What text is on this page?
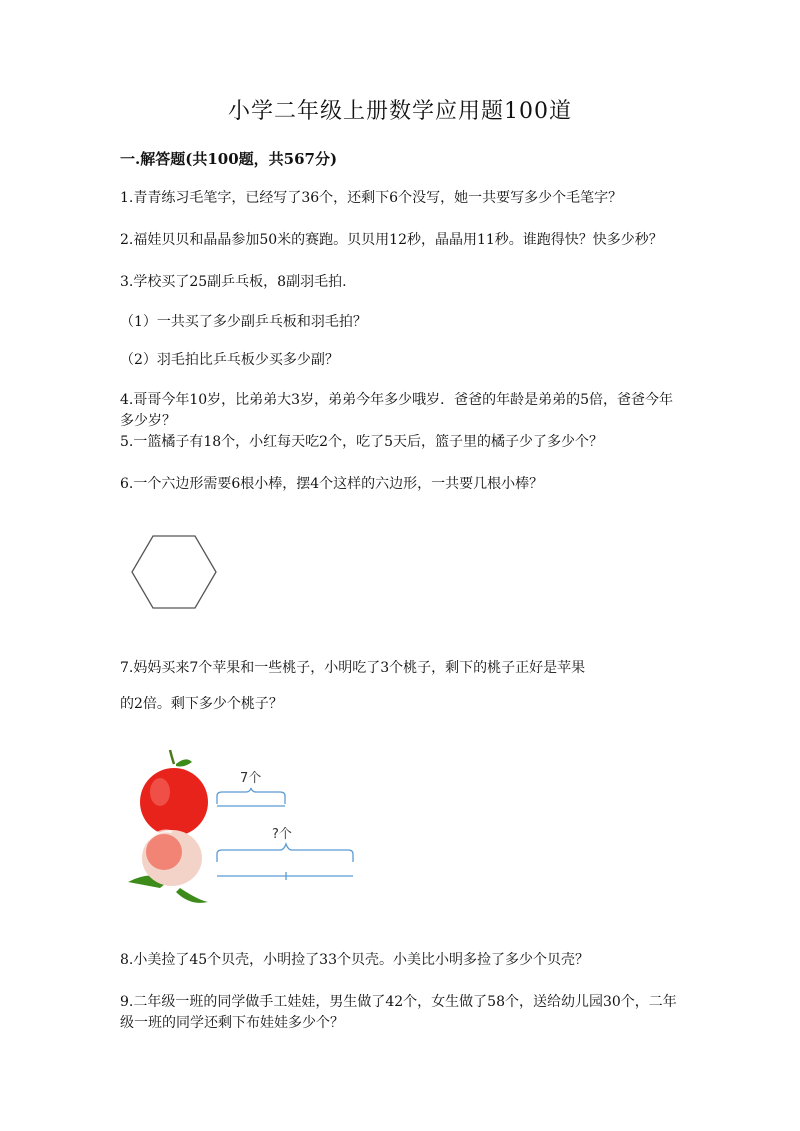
小学二年级上册数学应用题100道
一.解答题(共100题，共567分)
1.青青练习毛笔字，已经写了36个，还剩下6个没写，她一共要写多少个毛笔字？
2.福娃贝贝和晶晶参加50米的赛跑。贝贝用12秒，晶晶用11秒。谁跑得快？快多少秒？
3.学校买了25副乒乓板，8副羽毛拍.
（1）一共买了多少副乒乓板和羽毛拍？
（2）羽毛拍比乒乓板少买多少副？
4.哥哥今年10岁，比弟弟大3岁，弟弟今年多少哦岁．爸爸的年龄是弟弟的5倍，爸爸今年多少岁？
5.一篮橘子有18个，小红每天吃2个，吃了5天后，篮子里的橘子少了多少个？
6.一个六边形需要6根小棒，摆4个这样的六边形，一共要几根小棒？
7.妈妈买来7个苹果和一些桃子，小明吃了3个桃子，剩下的桃子正好是苹果
的2倍。剩下多少个桃子？
7个
?个
8.小美捡了45个贝壳，小明捡了33个贝壳。小美比小明多捡了多少个贝壳？
9.二年级一班的同学做手工娃娃，男生做了42个，女生做了58个，送给幼儿园30个，二年级一班的同学还剩下布娃娃多少个？
